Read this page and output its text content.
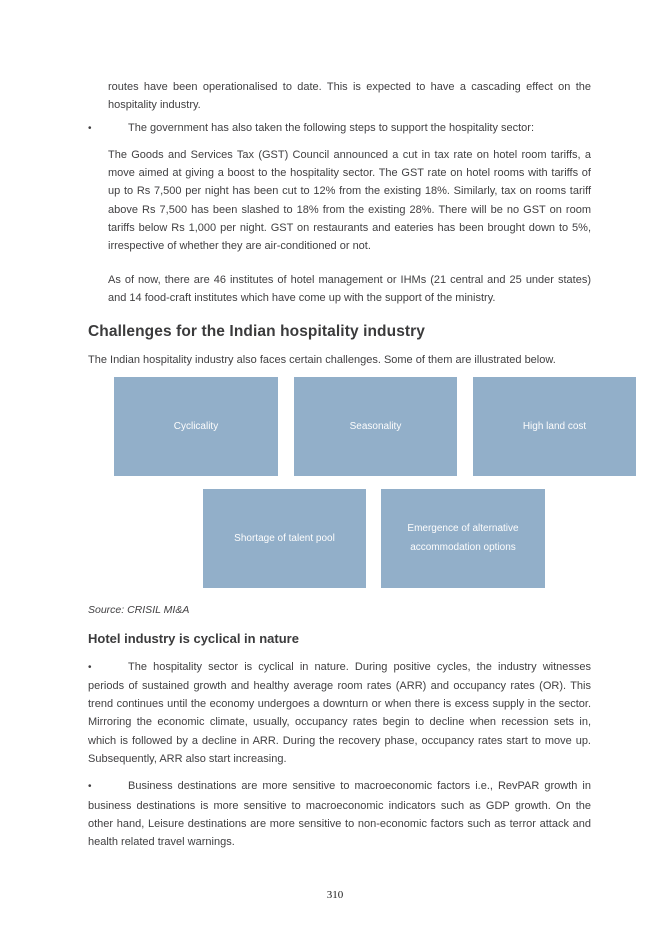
routes have been operationalised to date. This is expected to have a cascading effect on the hospitality industry.

•	The government has also taken the following steps to support the hospitality sector:

The Goods and Services Tax (GST) Council announced a cut in tax rate on hotel room tariffs, a move aimed at giving a boost to the hospitality sector. The GST rate on hotel rooms with tariffs of up to Rs 7,500 per night has been cut to 12% from the existing 18%. Similarly, tax on rooms tariff above Rs 7,500 has been slashed to 18% from the existing 28%. There will be no GST on room tariffs below Rs 1,000 per night. GST on restaurants and eateries has been brought down to 5%, irrespective of whether they are air-conditioned or not.

As of now, there are 46 institutes of hotel management or IHMs (21 central and 25 under states) and 14 food-craft institutes which have come up with the support of the ministry.

Challenges for the Indian hospitality industry

The Indian hospitality industry also faces certain challenges. Some of them are illustrated below.

Cyclicality	Seasonality	High land cost
Shortage of talent pool
Emergence of alternative accommodation options

Source: CRISIL MI&A

Hotel industry is cyclical in nature

•	The hospitality sector is cyclical in nature. During positive cycles, the industry witnesses periods of sustained growth and healthy average room rates (ARR) and occupancy rates (OR). This trend continues until the economy undergoes a downturn or when there is excess supply in the sector. Mirroring the economic climate, usually, occupancy rates begin to decline when recession sets in, which is followed by a decline in ARR. During the recovery phase, occupancy rates start to move up. Subsequently, ARR also start increasing.

•	Business destinations are more sensitive to macroeconomic factors i.e., RevPAR growth in business destinations is more sensitive to macroeconomic indicators such as GDP growth. On the other hand, Leisure destinations are more sensitive to non-economic factors such as terror attack and health related travel warnings.

310
